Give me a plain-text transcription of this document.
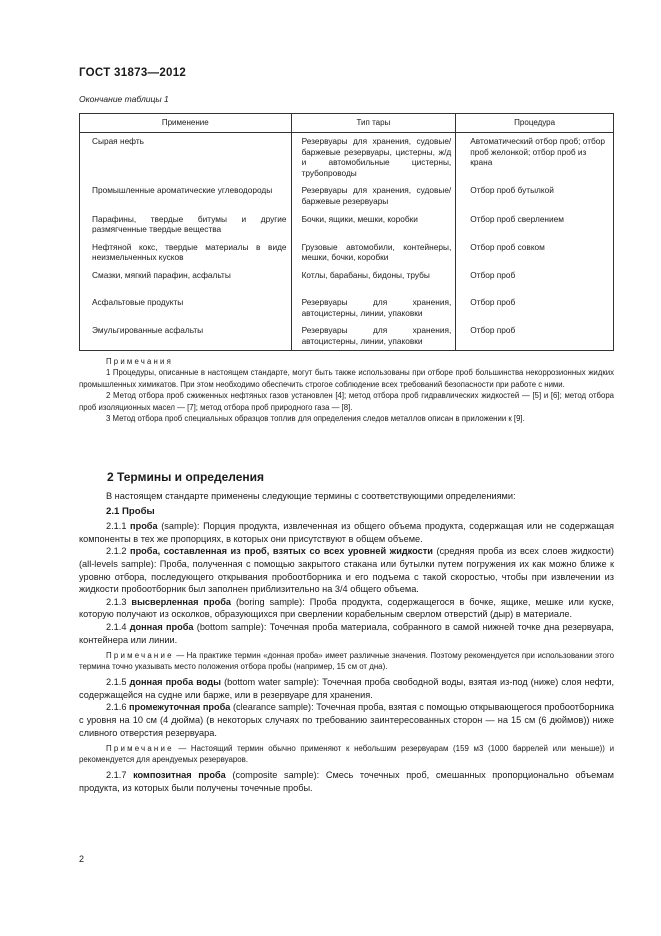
ГОСТ 31873—2012
Окончание таблицы 1
Применение	Тип тары	Процедура
Сырая нефть	Резервуары для хранения, судовые/баржевые резервуары, цистерны, ж/д и автомобильные цистерны, трубопроводы	Автоматический отбор проб; отбор проб желонкой; отбор проб из крана
Промышленные ароматические углеводороды	Резервуары для хранения, судовые/баржевые резервуары	Отбор проб бутылкой
Парафины, твердые битумы и другие размягченные твердые вещества	Бочки, ящики, мешки, коробки	Отбор проб сверлением
Нефтяной кокс, твердые материалы в виде неизмельченных кусков	Грузовые автомобили, контейнеры, мешки, бочки, коробки	Отбор проб совком
Смазки, мягкий парафин, асфальты	Котлы, барабаны, бидоны, трубы	Отбор проб
Асфальтовые продукты	Резервуары для хранения, автоцистерны, линии, упаковки	Отбор проб
Эмульгированные асфальты	Резервуары для хранения, автоцистерны, линии, упаковки	Отбор проб

Примечания

1 Процедуры, описанные в настоящем стандарте, могут быть также использованы при отборе проб большинства некоррозионных жидких промышленных химикатов. При этом необходимо обеспечить строгое соблюдение всех требований безопасности при работе с ними.

2 Метод отбора проб сжиженных нефтяных газов установлен [4]; метод отбора проб гидравлических жидкостей — [5] и [6]; метод отбора проб изоляционных масел — [7]; метод отбора проб природного газа — [8].

3 Метод отбора проб специальных образцов топлив для определения следов металлов описан в приложении к [9].

2 Термины и определения

В настоящем стандарте применены следующие термины с соответствующими определениями:

2.1 Пробы

2.1.1 проба (sample): Порция продукта, извлеченная из общего объема продукта, содержащая или не содержащая компоненты в тех же пропорциях, в которых они присутствуют в общем объеме.

2.1.2 проба, составленная из проб, взятых со всех уровней жидкости (средняя проба из всех слоев жидкости) (all-levels sample): Проба, полученная с помощью закрытого стакана или бутылки путем погружения их как можно ближе к уровню отбора, последующего открывания пробоотборника и его подъема с такой скоростью, чтобы при извлечении из жидкости пробоотборник был заполнен приблизительно на 3/4 общего объема.

2.1.3 высверленная проба (boring sample): Проба продукта, содержащегося в бочке, ящике, мешке или куске, которую получают из осколков, образующихся при сверлении корабельным сверлом отверстий (дыр) в материале.

2.1.4 донная проба (bottom sample): Точечная проба материала, собранного в самой нижней точке дна резервуара, контейнера или линии.

Примечание — На практике термин «донная проба» имеет различные значения. Поэтому рекомендуется при использовании этого термина точно указывать место положения отбора пробы (например, 15 см от дна).

2.1.5 донная проба воды (bottom water sample): Точечная проба свободной воды, взятая из-под (ниже) слоя нефти, содержащейся на судне или барже, или в резервуаре для хранения.

2.1.6 промежуточная проба (clearance sample): Точечная проба, взятая с помощью открывающегося пробоотборника с уровня на 10 см (4 дюйма) (в некоторых случаях по требованию заинтересованных сторон — на 15 см (6 дюймов)) ниже сливного отверстия резервуара.

Примечание — Настоящий термин обычно применяют к небольшим резервуарам (159 м3 (1000 баррелей или меньше)) и рекомендуется для арендуемых резервуаров.

2.1.7 композитная проба (composite sample): Смесь точечных проб, смешанных пропорционально объемам продукта, из которых были получены точечные пробы.

2
